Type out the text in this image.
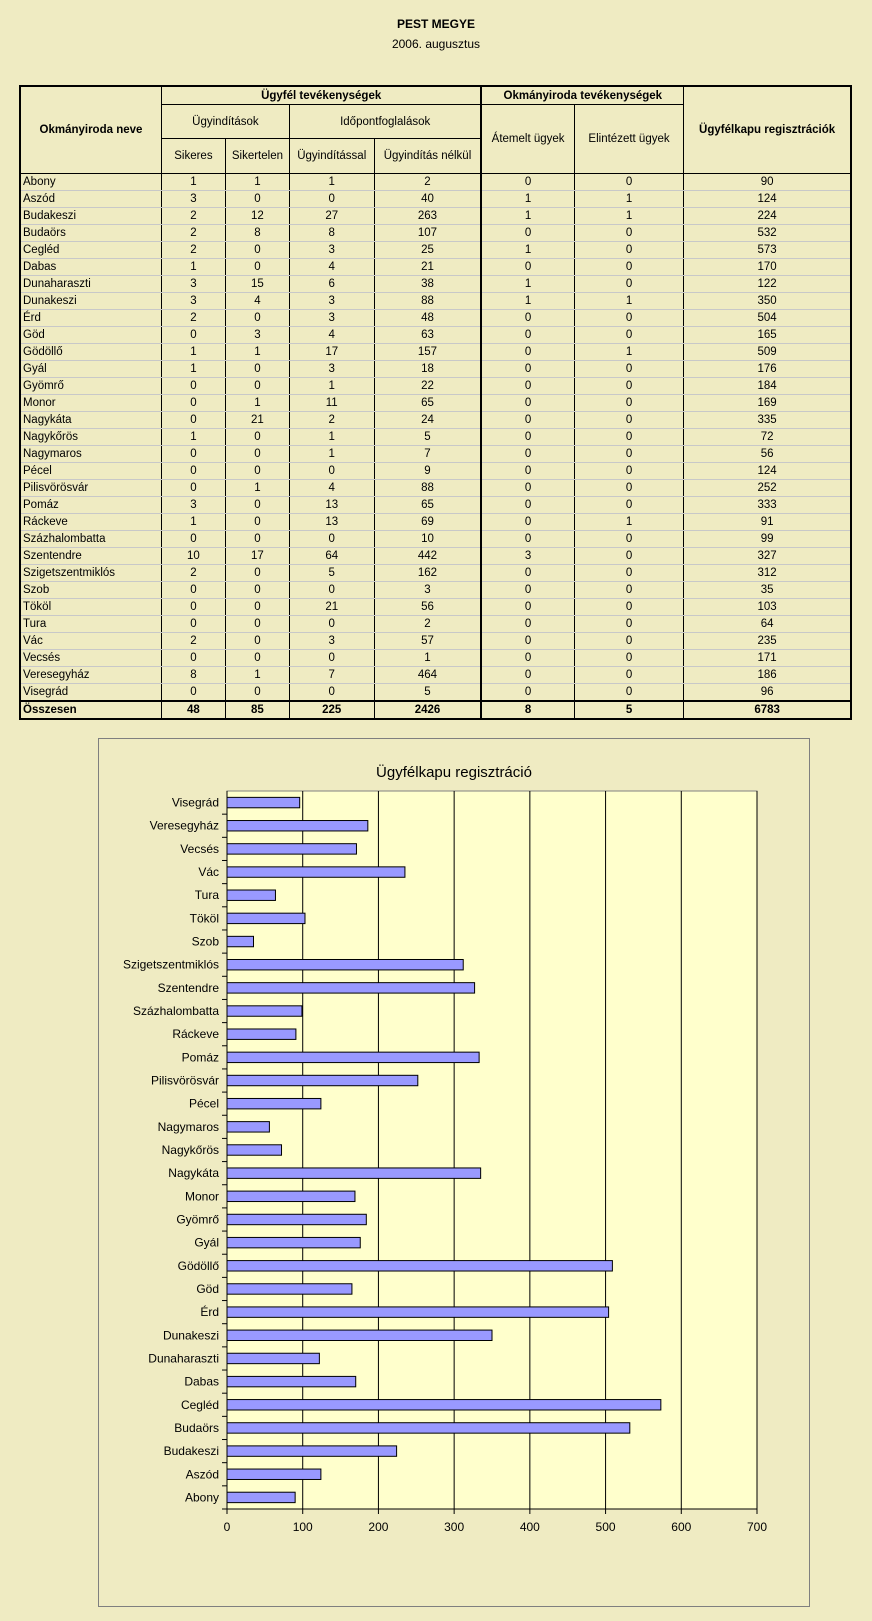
PEST MEGYE
2006. augusztus
Okmányiroda neve	Ügyfél tevékenységek				Okmányiroda tevékenységek		Ügyfélkapu regisztrációk
	Ügyindítások		Időpontfoglalások		Átemelt ügyek	Elintézett ügyek	
	Sikeres	Sikertelen	Ügyindítással	Ügyindítás nélkül			
Abony	1	1	1	2	0	0	90
Aszód	3	0	0	40	1	1	124
Budakeszi	2	12	27	263	1	1	224
Budaörs	2	8	8	107	0	0	532
Cegléd	2	0	3	25	1	0	573
Dabas	1	0	4	21	0	0	170
Dunaharaszti	3	15	6	38	1	0	122
Dunakeszi	3	4	3	88	1	1	350
Érd	2	0	3	48	0	0	504
Göd	0	3	4	63	0	0	165
Gödöllő	1	1	17	157	0	1	509
Gyál	1	0	3	18	0	0	176
Gyömrő	0	0	1	22	0	0	184
Monor	0	1	11	65	0	0	169
Nagykáta	0	21	2	24	0	0	335
Nagykőrös	1	0	1	5	0	0	72
Nagymaros	0	0	1	7	0	0	56
Pécel	0	0	0	9	0	0	124
Pilisvörösvár	0	1	4	88	0	0	252
Pomáz	3	0	13	65	0	0	333
Ráckeve	1	0	13	69	0	1	91
Százhalombatta	0	0	0	10	0	0	99
Szentendre	10	17	64	442	3	0	327
Szigetszentmiklós	2	0	5	162	0	0	312
Szob	0	0	0	3	0	0	35
Tököl	0	0	21	56	0	0	103
Tura	0	0	0	2	0	0	64
Vác	2	0	3	57	0	0	235
Vecsés	0	0	0	1	0	0	171
Veresegyház	8	1	7	464	0	0	186
Visegrád	0	0	0	5	0	0	96
Összesen	48	85	225	2426	8	5	6783
Ügyfélkapu regisztráció
0	100	200	300	400	500	600	700
Abony
Aszód
Budakeszi
Budaörs
Cegléd
Dabas
Dunaharaszti
Dunakeszi
Érd
Göd
Gödöllő
Gyál
Gyömrő
Monor
Nagykáta
Nagykőrös
Nagymaros
Pécel
Pilisvörösvár
Pomáz
Ráckeve
Százhalombatta
Szentendre
Szigetszentmiklós
Szob
Tököl
Tura
Vác
Vecsés
Veresegyház
Visegrád
